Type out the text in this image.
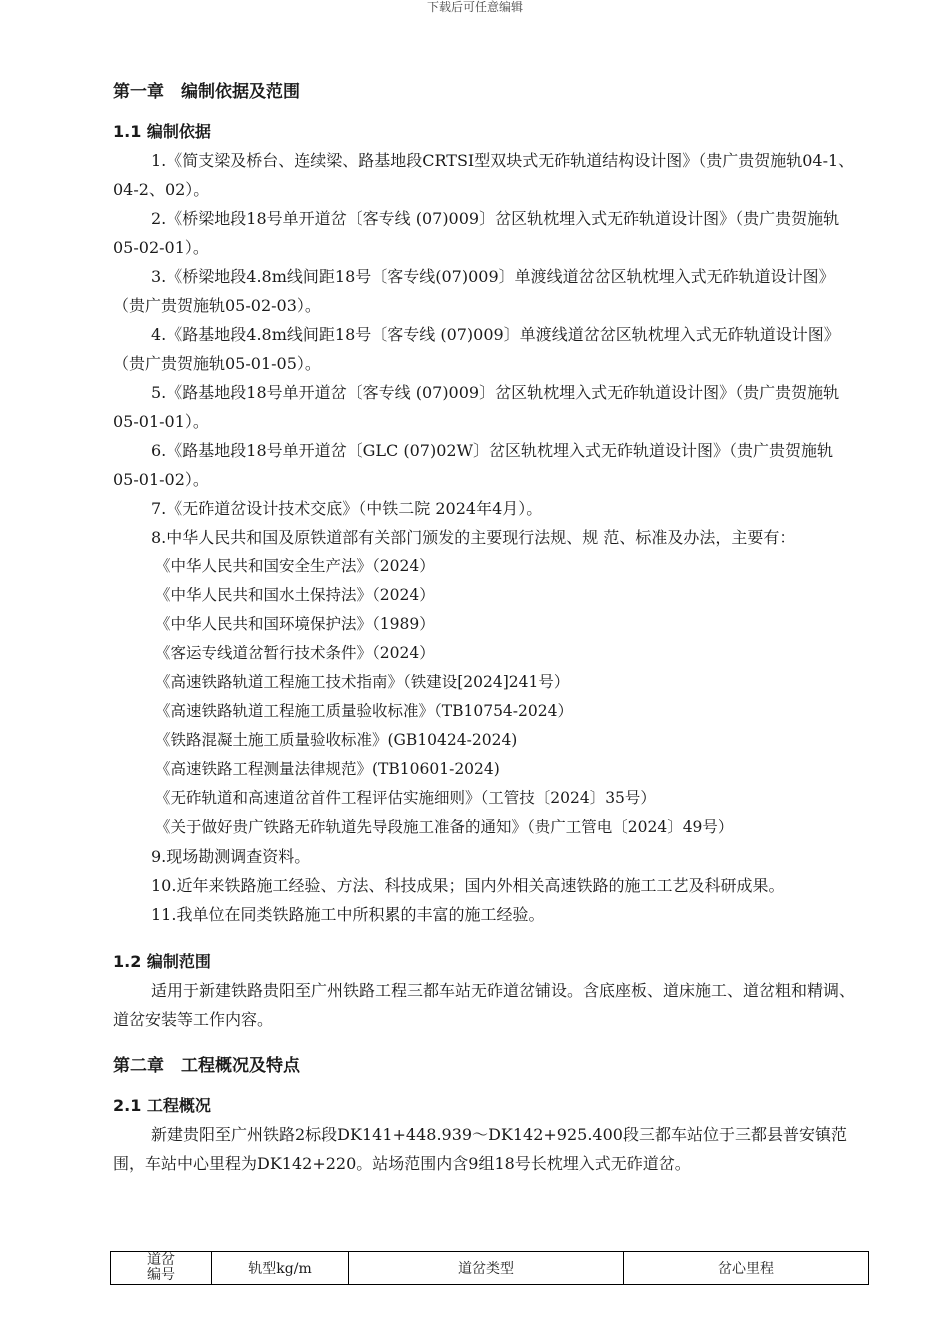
下载后可任意编辑
第一章　编制依据及范围
1.1 编制依据

1.《简支梁及桥台、连续梁、路基地段CRTSⅠ型双块式无砟轨道结构设计图》（贵广贵贺施轨04-1、04-2、02）。

2.《桥梁地段18号单开道岔〔客专线 (07)009〕岔区轨枕埋入式无砟轨道设计图》（贵广贵贺施轨05-02-01）。

3.《桥梁地段4.8m线间距18号〔客专线(07)009〕单渡线道岔岔区轨枕埋入式无砟轨道设计图》（贵广贵贺施轨05-02-03）。

4.《路基地段4.8m线间距18号〔客专线 (07)009〕单渡线道岔岔区轨枕埋入式无砟轨道设计图》（贵广贵贺施轨05-01-05）。

5.《路基地段18号单开道岔〔客专线 (07)009〕岔区轨枕埋入式无砟轨道设计图》（贵广贵贺施轨05-01-01）。

6.《路基地段18号单开道岔〔GLC (07)02W〕岔区轨枕埋入式无砟轨道设计图》（贵广贵贺施轨05-01-02）。

7.《无砟道岔设计技术交底》（中铁二院 2024年4月）。

8.中华人民共和国及原铁道部有关部门颁发的主要现行法规、规 范、标准及办法，主要有：

《中华人民共和国安全生产法》（2024）

《中华人民共和国水土保持法》（2024）

《中华人民共和国环境保护法》（1989）

《客运专线道岔暂行技术条件》（2024）

《高速铁路轨道工程施工技术指南》（铁建设[2024]241号）

《高速铁路轨道工程施工质量验收标准》（TB10754-2024）

《铁路混凝土施工质量验收标准》(GB10424-2024)

《高速铁路工程测量法律规范》(TB10601-2024)

《无砟轨道和高速道岔首件工程评估实施细则》（工管技〔2024〕35号）

《关于做好贵广铁路无砟轨道先导段施工准备的通知》（贵广工管电〔2024〕49号）

9.现场勘测调查资料。

10.近年来铁路施工经验、方法、科技成果；国内外相关高速铁路的施工工艺及科研成果。

11.我单位在同类铁路施工中所积累的丰富的施工经验。

1.2 编制范围

适用于新建铁路贵阳至广州铁路工程三都车站无砟道岔铺设。含底座板、道床施工、道岔粗和精调、道岔安装等工作内容。

第二章　工程概况及特点
2.1 工程概况

新建贵阳至广州铁路2标段DK141+448.939～DK142+925.400段三都车站位于三都县普安镇范围，车站中心里程为DK142+220。站场范围内含9组18号长枕埋入式无砟道岔。

道岔
编号	轨型kg/m	道岔类型	岔心里程
